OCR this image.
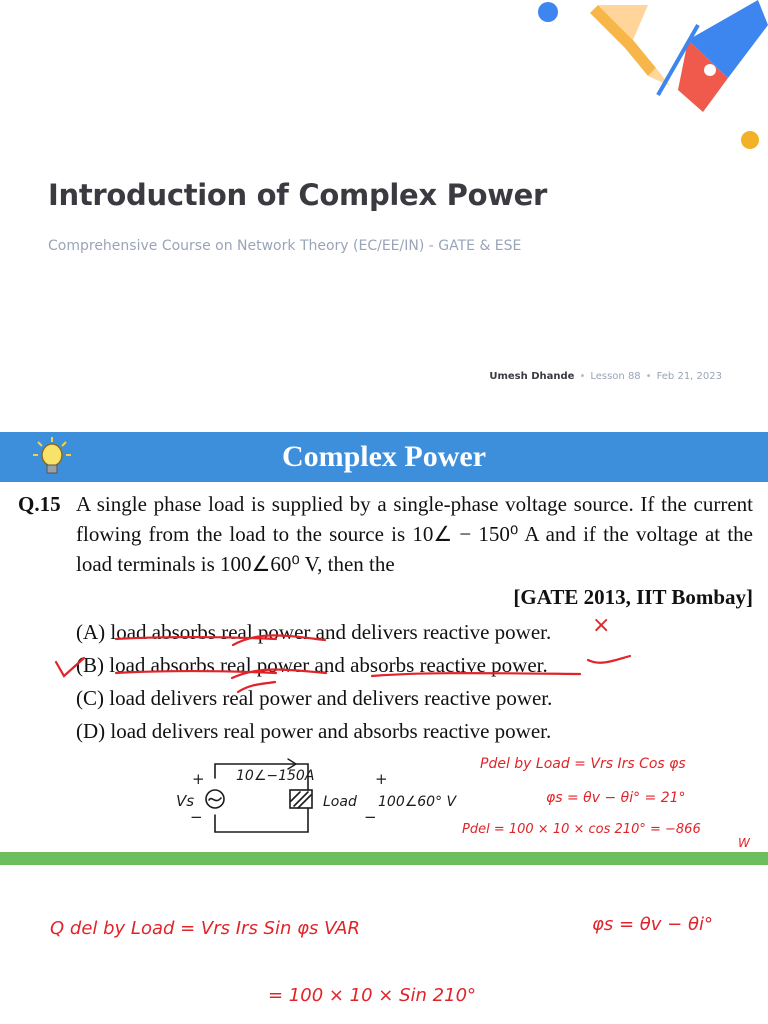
Introduction of Complex Power
Comprehensive Course on Network Theory (EC/EE/IN) - GATE & ESE
Umesh Dhande • Lesson 88 • Feb 21, 2023
Complex Power
Q.15 A single phase load is supplied by a single-phase voltage source. If the current flowing from the load to the source is 10∠ − 150⁰ A and if the voltage at the load terminals is 100∠60⁰ V, then the
[GATE 2013, IIT Bombay]
(A) load absorbs real power and delivers reactive power.
(B) load absorbs real power and absorbs reactive power.
(C) load delivers real power and delivers reactive power.
(D) load delivers real power and absorbs reactive power.
×
10∠−150A
+
Vs
−
+
Load 100∠60° V
−
Pdel by Load = Vrs Irs Cos φs
φs = θv − θi° = 21°
Pdel = 100 × 10 × cos 210° = −866
W
Q del by Load = Vrs Irs Sin φs VAR	φs = θv − θi°
= 100 × 10 × Sin 210°
